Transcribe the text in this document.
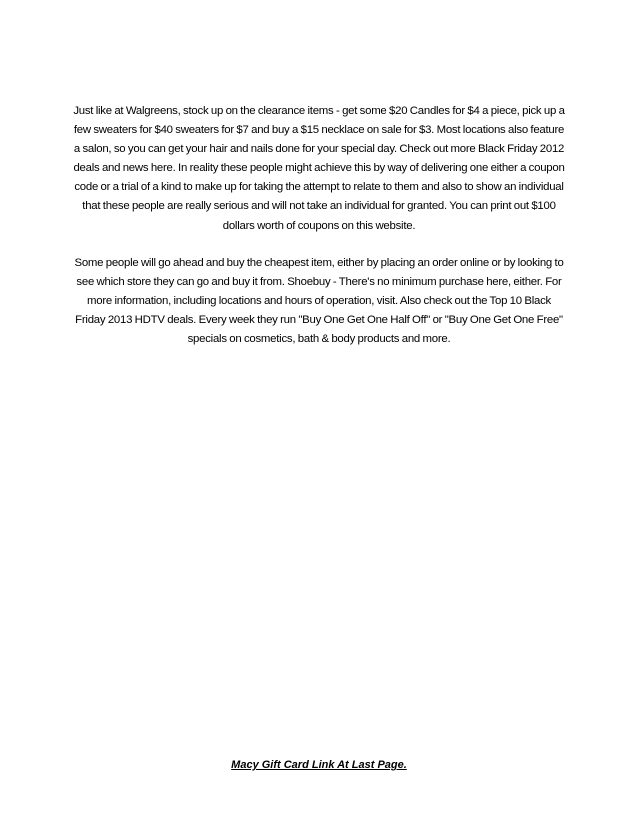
Just like at Walgreens, stock up on the clearance items - get some $20 Candles for $4 a piece, pick up a few sweaters for $40 sweaters for $7 and buy a $15 necklace on sale for $3. Most locations also feature a salon, so you can get your hair and nails done for your special day. Check out more Black Friday 2012 deals and news here. In reality these people might achieve this by way of delivering one either a coupon code or a trial of a kind to make up for taking the attempt to relate to them and also to show an individual that these people are really serious and will not take an individual for granted. You can print out $100 dollars worth of coupons on this website.

Some people will go ahead and buy the cheapest item, either by placing an order online or by looking to see which store they can go and buy it from. Shoebuy - There's no minimum purchase here, either. For more information, including locations and hours of operation, visit. Also check out the Top 10 Black Friday 2013 HDTV deals. Every week they run "Buy One Get One Half Off" or "Buy One Get One Free" specials on cosmetics, bath & body products and more.

Macy Gift Card Link At Last Page.
